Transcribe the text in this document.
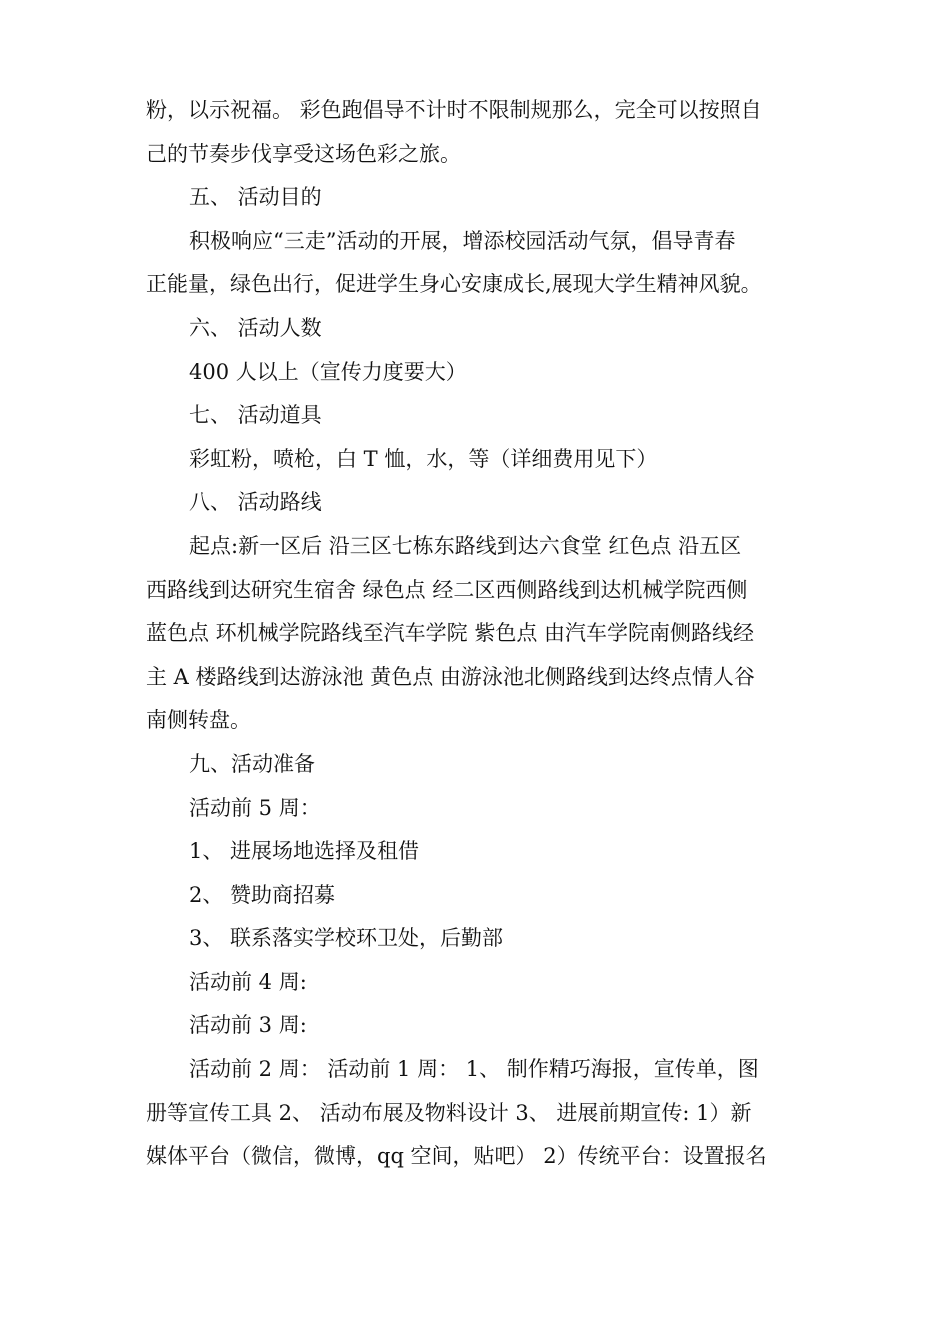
粉，以示祝福。 彩色跑倡导不计时不限制规那么，完全可以按照自
己的节奏步伐享受这场色彩之旅。
五、 活动目的
积极响应“三走”活动的开展，增添校园活动气氛，倡导青春
正能量，绿色出行，促进学生身心安康成长,展现大学生精神风貌。
六、 活动人数
400 人以上（宣传力度要大）
七、 活动道具
彩虹粉，喷枪，白 T 恤，水，等（详细费用见下）
八、 活动路线
起点:新一区后 沿三区七栋东路线到达六食堂 红色点 沿五区
西路线到达研究生宿舍 绿色点 经二区西侧路线到达机械学院西侧
蓝色点 环机械学院路线至汽车学院 紫色点 由汽车学院南侧路线经
主 A 楼路线到达游泳池 黄色点 由游泳池北侧路线到达终点情人谷
南侧转盘。
九、活动准备
活动前 5 周：
1、 进展场地选择及租借
2、 赞助商招募
3、 联系落实学校环卫处，后勤部
活动前 4 周:
活动前 3 周:
活动前 2 周： 活动前 1 周： 1、 制作精巧海报，宣传单，图
册等宣传工具 2、 活动布展及物料设计 3、 进展前期宣传: 1）新
媒体平台（微信，微博，qq 空间，贴吧） 2）传统平台：设置报名
